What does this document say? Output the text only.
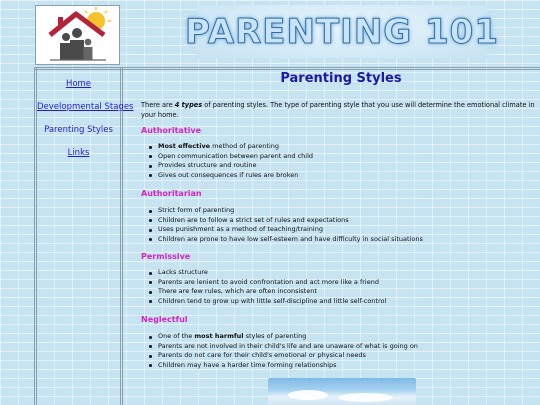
PARENTING 101
Home
Developmental Stages
Parenting Styles
Links
Parenting Styles

There are 4 types of parenting styles. The type of parenting style that you use will determine the emotional climate in your home.

Authoritative
Most effective method of parenting
Open communication between parent and child
Provides structure and routine
Gives out consequences if rules are broken
Authoritarian
Strict form of parenting
Children are to follow a strict set of rules and expectations
Uses punishment as a method of teaching/training
Children are prone to have low self-esteem and have difficulty in social situations
Permissive
Lacks structure
Parents are lenient to avoid confrontation and act more like a friend
There are few rules, which are often inconsistent
Children tend to grow up with little self-discipline and little self-control
Neglectful
One of the most harmful styles of parenting
Parents are not involved in their child's life and are unaware of what is going on
Parents do not care for their child's emotional or physical needs
Children may have a harder time forming relationships
